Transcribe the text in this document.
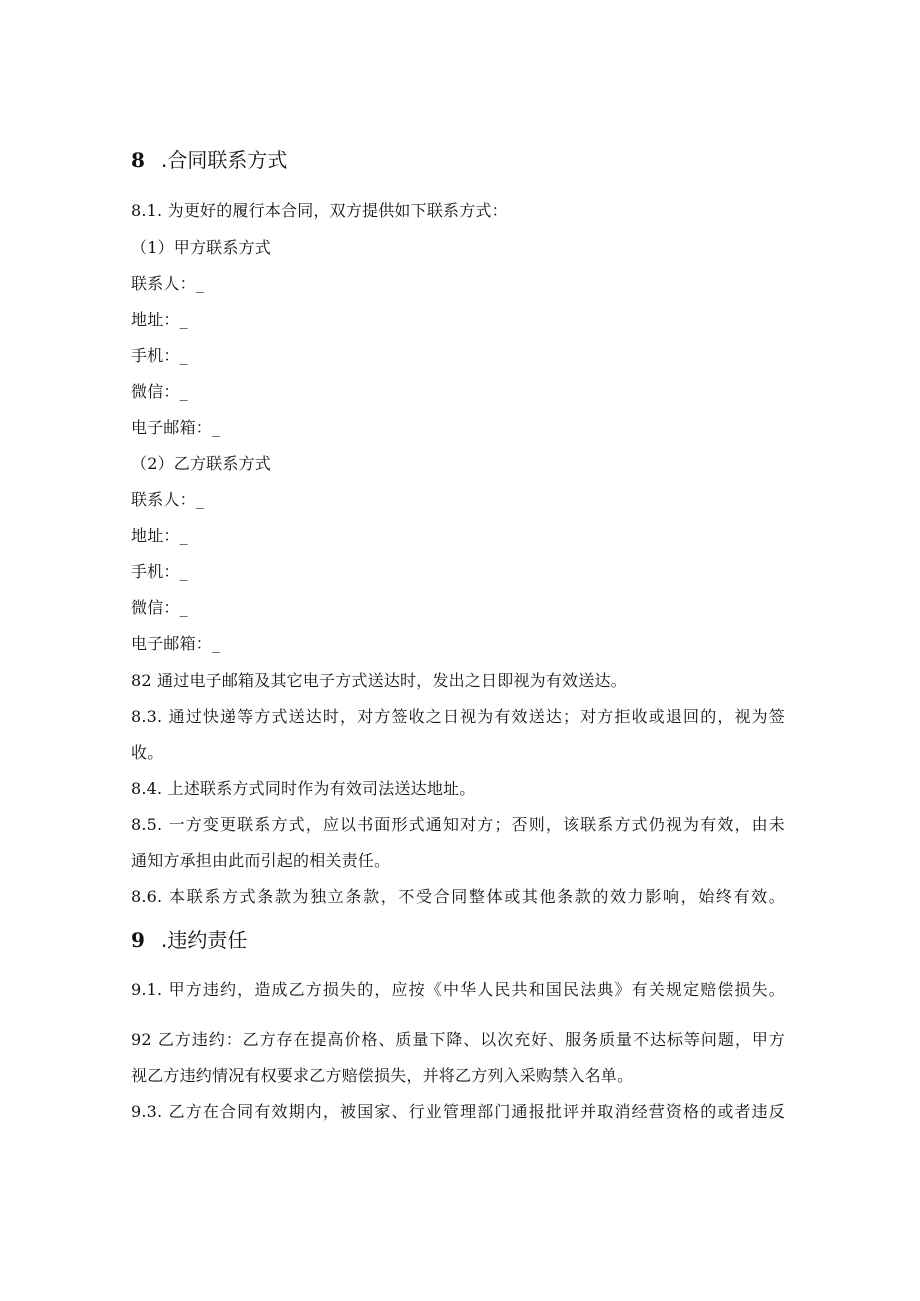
8 .合同联系方式
8.1. 为更好的履行本合同，双方提供如下联系方式：
（1）甲方联系方式
联系人：_
地址：_
手机：_
微信：_
电子邮箱：_
（2）乙方联系方式
联系人：_
地址：_
手机：_
微信：_
电子邮箱：_
82 通过电子邮箱及其它电子方式送达时，发出之日即视为有效送达。
8.3. 通过快递等方式送达时，对方签收之日视为有效送达；对方拒收或退回的，视为签
收。
8.4. 上述联系方式同时作为有效司法送达地址。
8.5. 一方变更联系方式，应以书面形式通知对方；否则，该联系方式仍视为有效，由未
通知方承担由此而引起的相关责任。
8.6. 本联系方式条款为独立条款，不受合同整体或其他条款的效力影响，始终有效。
9 .违约责任
9.1. 甲方违约，造成乙方损失的，应按《中华人民共和国民法典》有关规定赔偿损失。
92 乙方违约：乙方存在提高价格、质量下降、以次充好、服务质量不达标等问题，甲方
视乙方违约情况有权要求乙方赔偿损失，并将乙方列入采购禁入名单。
9.3. 乙方在合同有效期内，被国家、行业管理部门通报批评并取消经营资格的或者违反
